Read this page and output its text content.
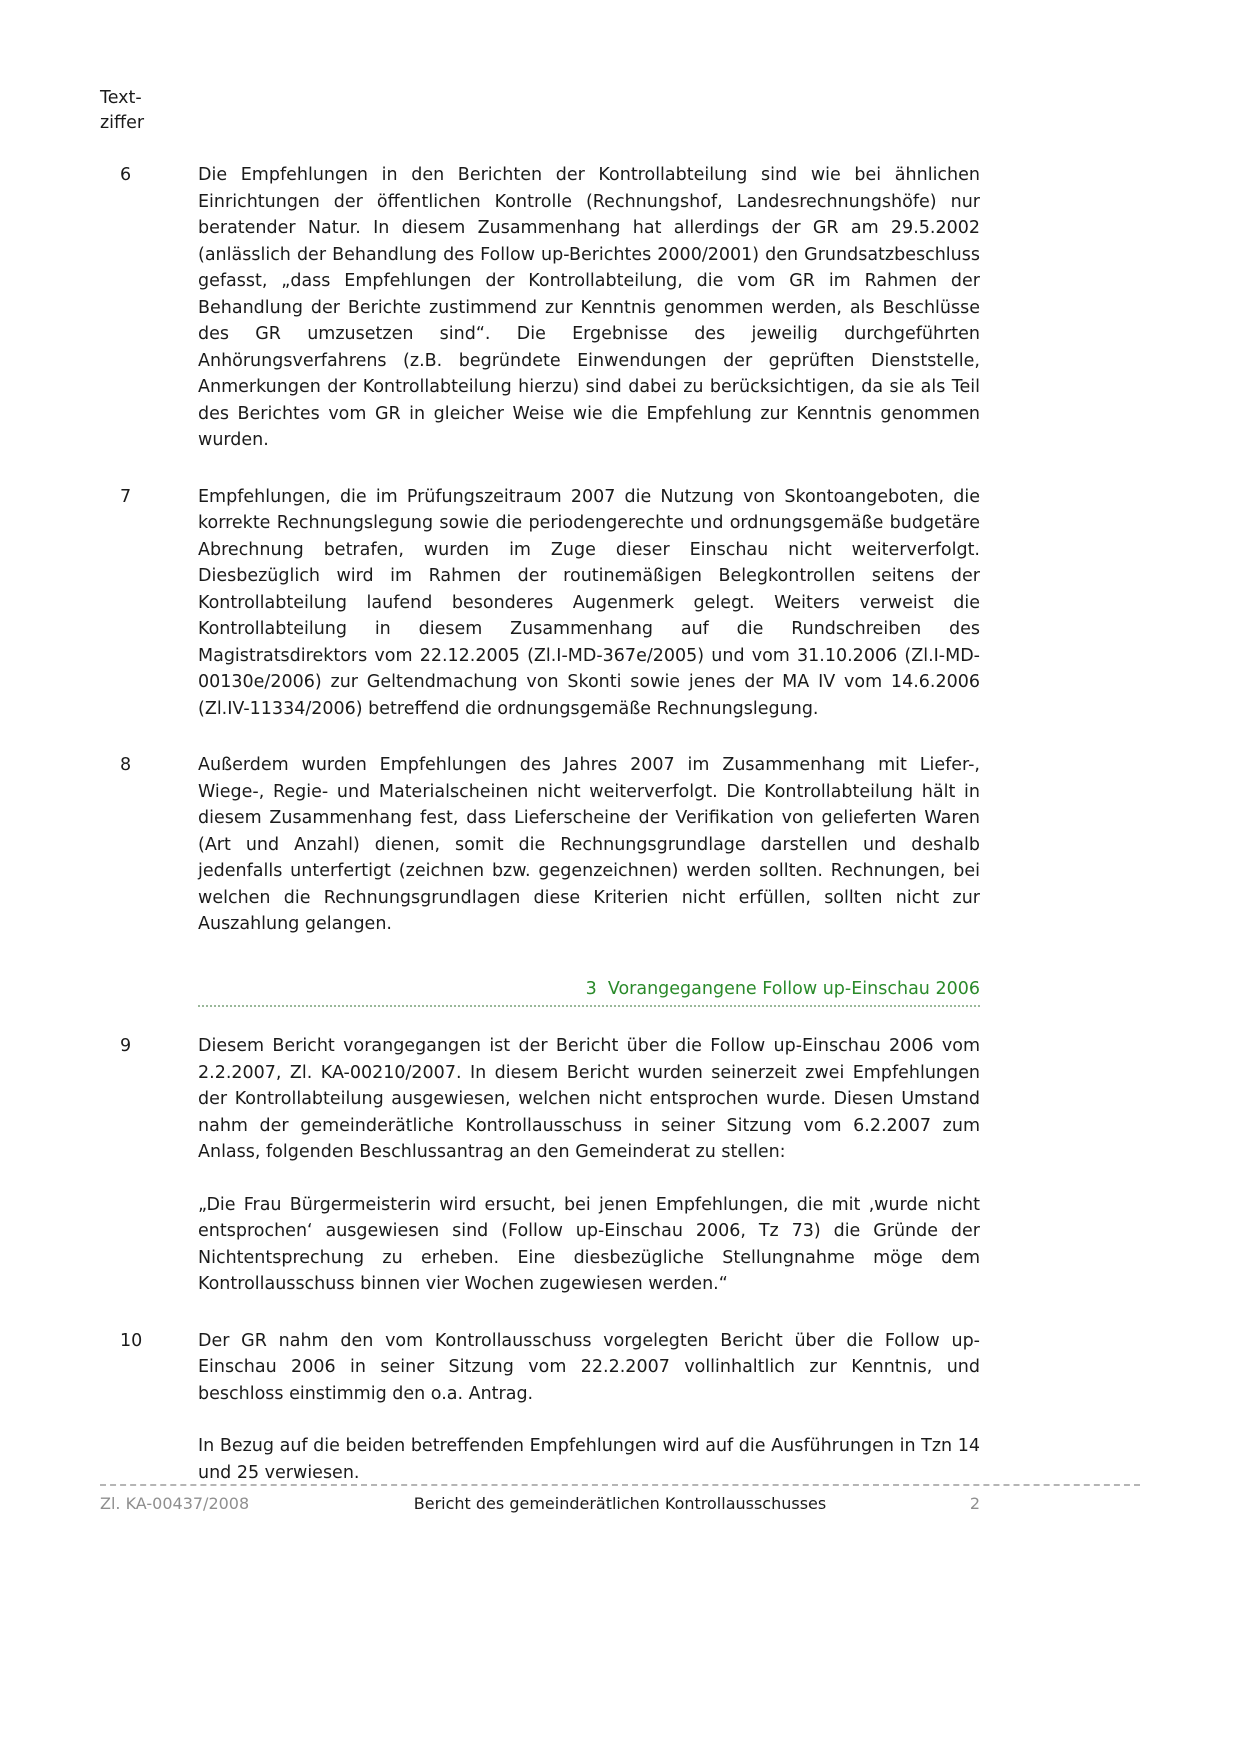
Text-
ziffer
6	Die Empfehlungen in den Berichten der Kontrollabteilung sind wie bei ähnlichen Einrichtungen der öffentlichen Kontrolle (Rechnungshof, Landesrechnungshöfe) nur beratender Natur. In diesem Zusammenhang hat allerdings der GR am 29.5.2002 (anlässlich der Behandlung des Follow up-Berichtes 2000/2001) den Grundsatzbeschluss gefasst, „dass Empfehlungen der Kontrollabteilung, die vom GR im Rahmen der Behandlung der Berichte zustimmend zur Kenntnis genommen werden, als Beschlüsse des GR umzusetzen sind“. Die Ergebnisse des jeweilig durchgeführten Anhörungsverfahrens (z.B. begründete Einwendungen der geprüften Dienststelle, Anmerkungen der Kontrollabteilung hierzu) sind dabei zu berücksichtigen, da sie als Teil des Berichtes vom GR in gleicher Weise wie die Empfehlung zur Kenntnis genommen wurden.

7	Empfehlungen, die im Prüfungszeitraum 2007 die Nutzung von Skontoangeboten, die korrekte Rechnungslegung sowie die periodengerechte und ordnungsgemäße budgetäre Abrechnung betrafen, wurden im Zuge dieser Einschau nicht weiterverfolgt. Diesbezüglich wird im Rahmen der routinemäßigen Belegkontrollen seitens der Kontrollabteilung laufend besonderes Augenmerk gelegt. Weiters verweist die Kontrollabteilung in diesem Zusammenhang auf die Rundschreiben des Magistratsdirektors vom 22.12.2005 (Zl.I-MD-367e/2005) und vom 31.10.2006 (Zl.I-MD-00130e/2006) zur Geltendmachung von Skonti sowie jenes der MA IV vom 14.6.2006 (Zl.IV-11334/2006) betreffend die ordnungsgemäße Rechnungslegung.

8	Außerdem wurden Empfehlungen des Jahres 2007 im Zusammenhang mit Liefer-, Wiege-, Regie- und Materialscheinen nicht weiterverfolgt. Die Kontrollabteilung hält in diesem Zusammenhang fest, dass Lieferscheine der Verifikation von gelieferten Waren (Art und Anzahl) dienen, somit die Rechnungsgrundlage darstellen und deshalb jedenfalls unterfertigt (zeichnen bzw. gegenzeichnen) werden sollten. Rechnungen, bei welchen die Rechnungsgrundlagen diese Kriterien nicht erfüllen, sollten nicht zur Auszahlung gelangen.

3  Vorangegangene Follow up-Einschau 2006
9	Diesem Bericht vorangegangen ist der Bericht über die Follow up-Einschau 2006 vom 2.2.2007, Zl. KA-00210/2007. In diesem Bericht wurden seinerzeit zwei Empfehlungen der Kontrollabteilung ausgewiesen, welchen nicht entsprochen wurde. Diesen Umstand nahm der gemeinderätliche Kontrollausschuss in seiner Sitzung vom 6.2.2007 zum Anlass, folgenden Beschlussantrag an den Gemeinderat zu stellen:

„Die Frau Bürgermeisterin wird ersucht, bei jenen Empfehlungen, die mit ‚wurde nicht entsprochen‘ ausgewiesen sind (Follow up-Einschau 2006, Tz 73) die Gründe der Nichtentsprechung zu erheben. Eine diesbezügliche Stellungnahme möge dem Kontrollausschuss binnen vier Wochen zugewiesen werden.“

10	Der GR nahm den vom Kontrollausschuss vorgelegten Bericht über die Follow up-Einschau 2006 in seiner Sitzung vom 22.2.2007 vollinhaltlich zur Kenntnis, und beschloss einstimmig den o.a. Antrag.

In Bezug auf die beiden betreffenden Empfehlungen wird auf die Ausführungen in Tzn 14 und 25 verwiesen.

Zl. KA-00437/2008	Bericht des gemeinderätlichen Kontrollausschusses	2
